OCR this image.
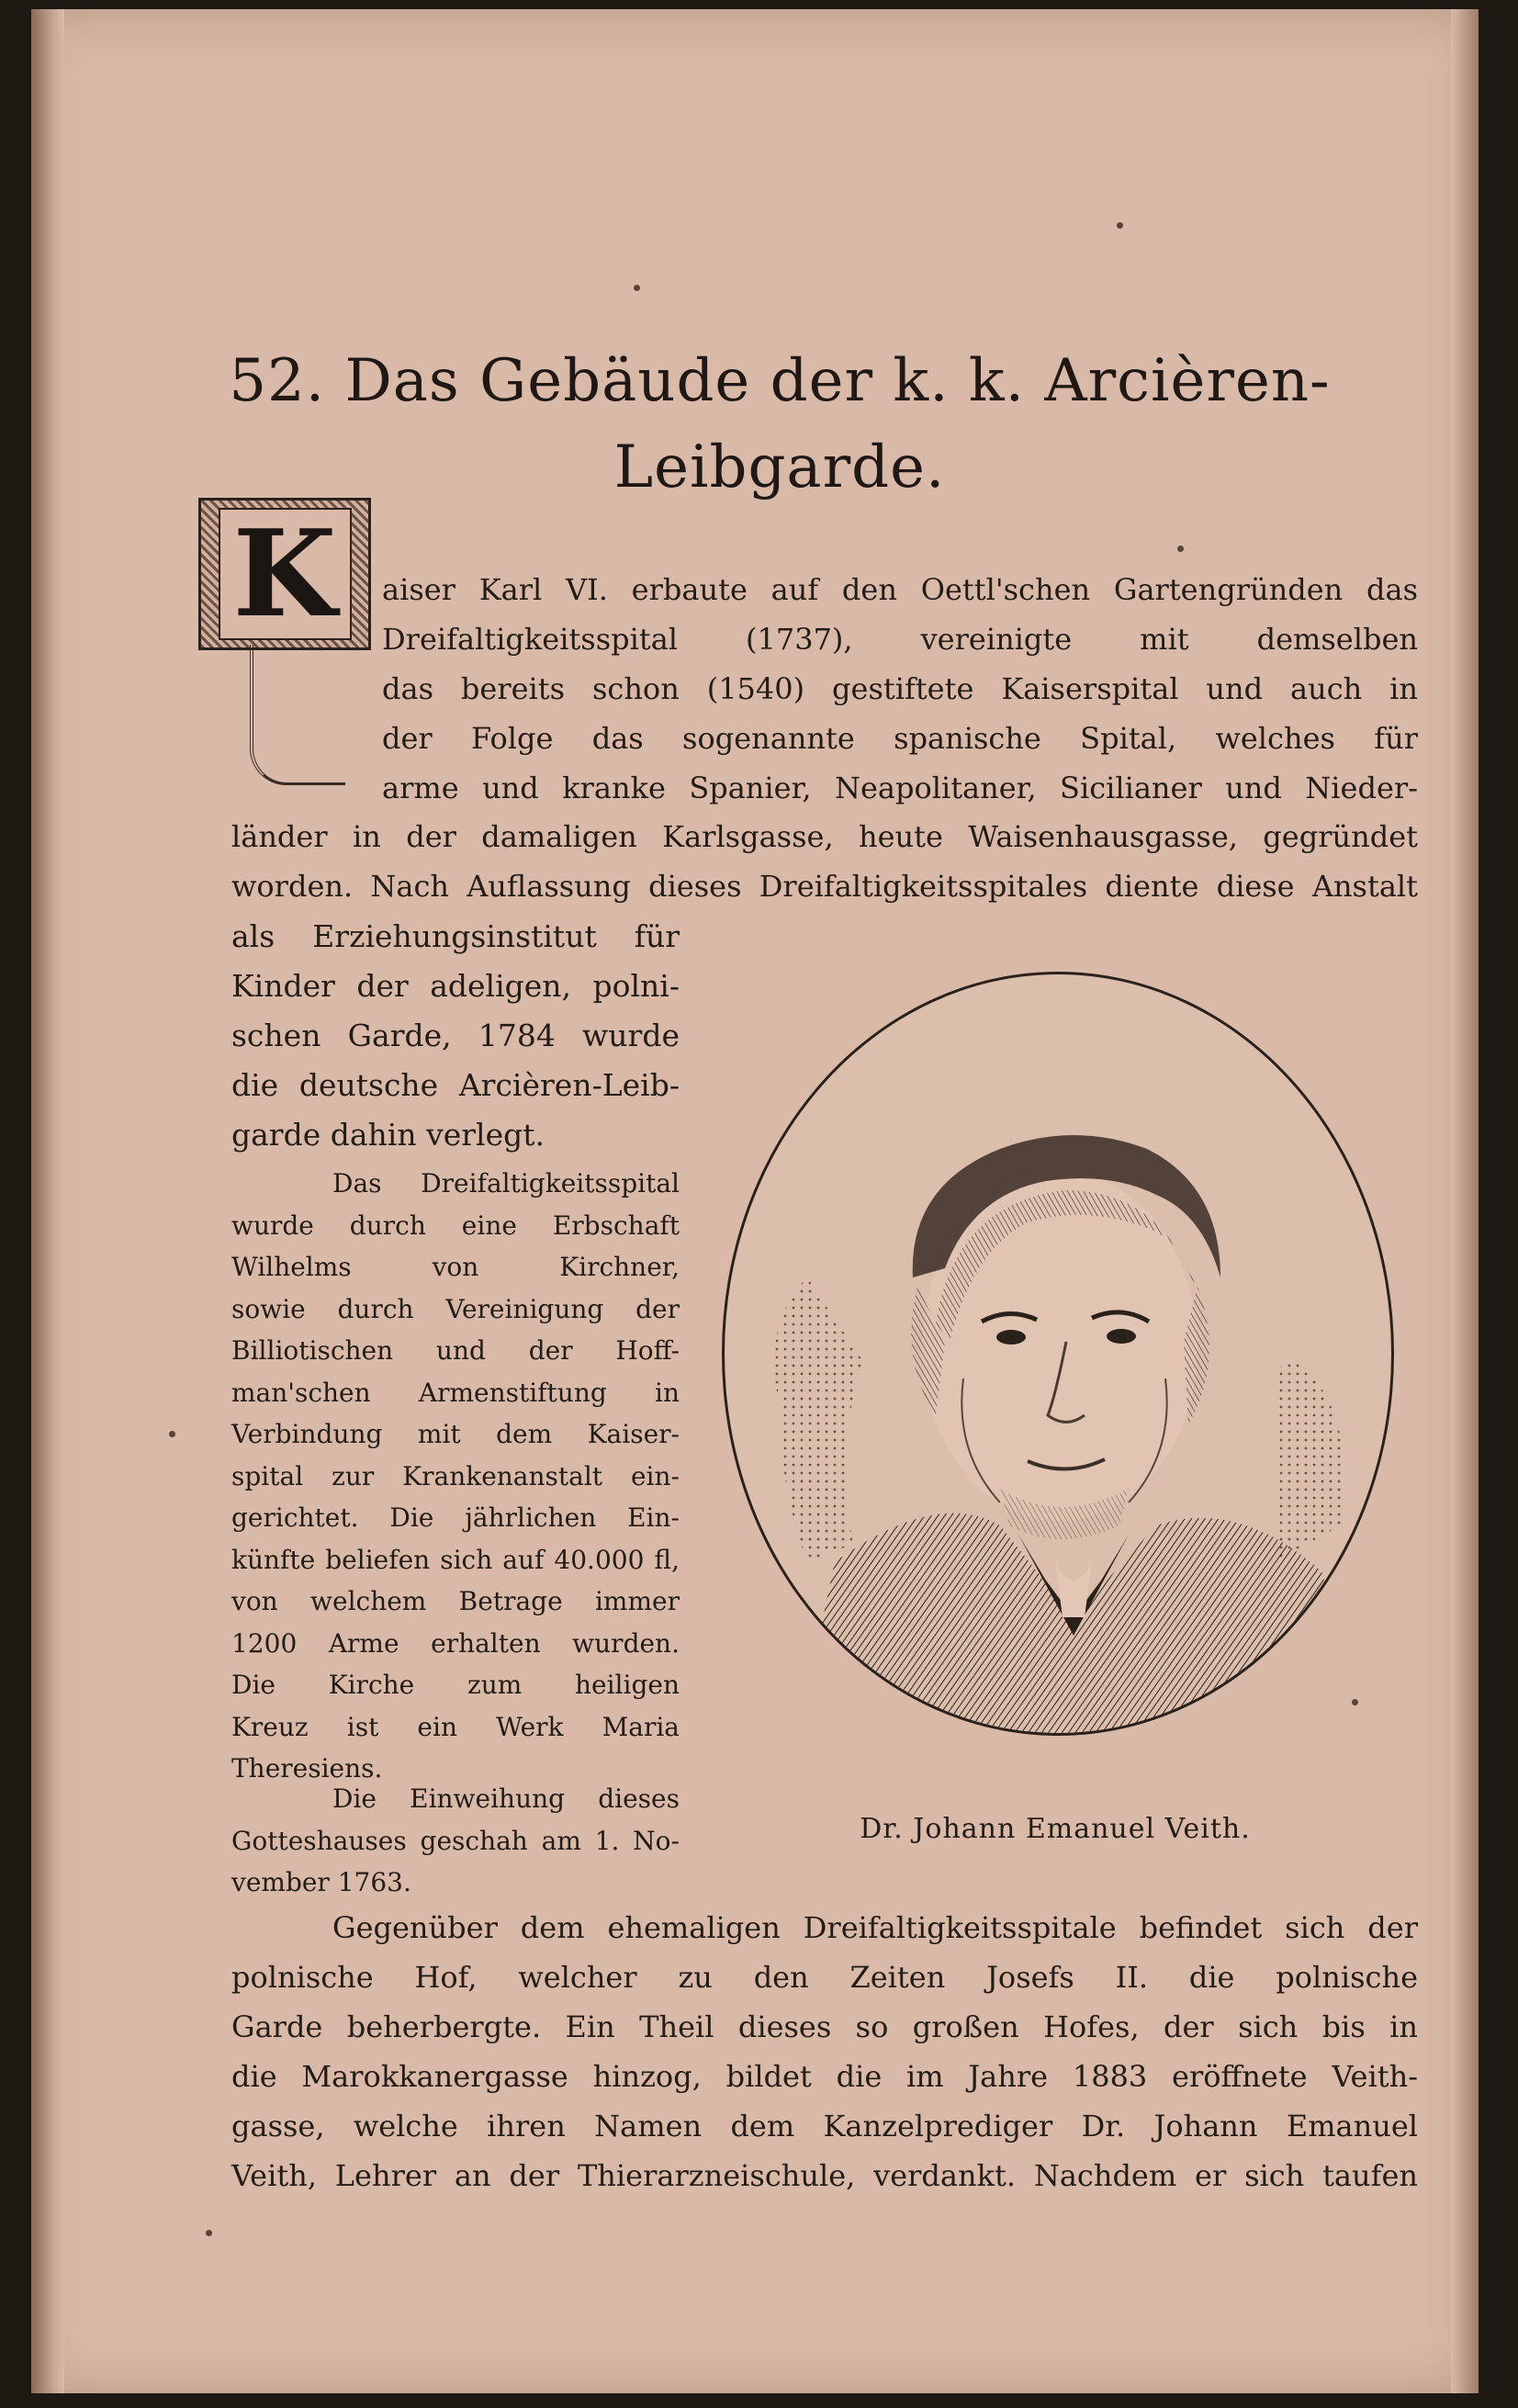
52. Das Gebäude der k. k. Arcièren-
Leibgarde.
K	aiser Karl VI. erbaute auf den Oettl'schen Gartengründen das
Dreifaltigkeitsspital (1737), vereinigte mit demselben
das bereits schon (1540) gestiftete Kaiserspital und auch in
der Folge das sogenannte spanische Spital, welches für
arme und kranke Spanier, Neapolitaner, Sicilianer und Nieder-

länder in der damaligen Karlsgasse, heute Waisenhausgasse, gegründet
worden. Nach Auflassung dieses Dreifaltigkeitsspitales diente diese Anstalt

als Erziehungsinstitut für
Kinder der adeligen, polni-
schen Garde, 1784 wurde
die deutsche Arcièren-Leib-
garde dahin verlegt.

Das Dreifaltigkeitsspital
wurde durch eine Erbschaft
Wilhelms von Kirchner,
sowie durch Vereinigung der
Billiotischen und der Hoff-
man'schen Armenstiftung in
Verbindung mit dem Kaiser-
spital zur Krankenanstalt ein-
gerichtet. Die jährlichen Ein-
künfte beliefen sich auf 40.000 fl,
von welchem Betrage immer
1200 Arme erhalten wurden.
Die Kirche zum heiligen
Kreuz ist ein Werk Maria
Theresiens.

Die Einweihung dieses
Gotteshauses geschah am 1. No-
vember 1763.

Dr. Johann Emanuel Veith.

Gegenüber dem ehemaligen Dreifaltigkeitsspitale befindet sich der
polnische Hof, welcher zu den Zeiten Josefs II. die polnische
Garde beherbergte. Ein Theil dieses so großen Hofes, der sich bis in
die Marokkanergasse hinzog, bildet die im Jahre 1883 eröffnete Veith-
gasse, welche ihren Namen dem Kanzelprediger Dr. Johann Emanuel
Veith, Lehrer an der Thierarzneischule, verdankt. Nachdem er sich taufen
